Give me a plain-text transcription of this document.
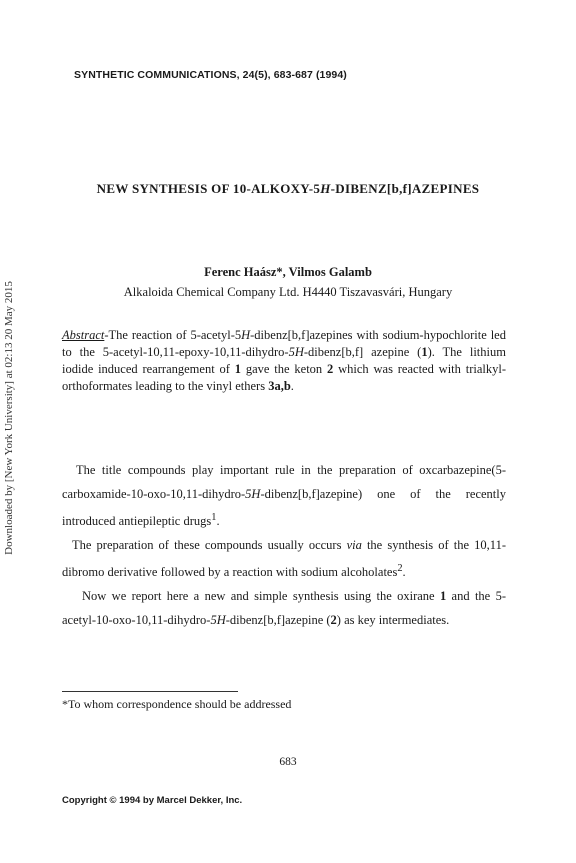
SYNTHETIC COMMUNICATIONS, 24(5), 683-687 (1994)
NEW SYNTHESIS OF 10-ALKOXY-5H-DIBENZ[b,f]AZEPINES
Ferenc Haász*, Vilmos Galamb
Alkaloida Chemical Company Ltd. H4440 Tiszavasvári, Hungary
Downloaded by [New York University] at 02:13 20 May 2015	Abstract-The reaction of 5-acetyl-5H-dibenz[b,f]azepines with sodium-hypochlorite led to the 5-acetyl-10,11-epoxy-10,11-dihydro-5H-dibenz[b,f] azepine (1). The lithium iodide induced rearrangement of 1 gave the keton 2 which was reacted with trialkyl-orthoformates leading to the vinyl ethers 3a,b.

The title compounds play important rule in the preparation of oxcarbazepine(5-carboxamide-10-oxo-10,11-dihydro-5H-dibenz[b,f]azepine) one of the recently introduced antiepileptic drugs$^1$.

The preparation of these compounds usually occurs via the synthesis of the 10,11-dibromo derivative followed by a reaction with sodium alcoholates$^2$.

Now we report here a new and simple synthesis using the oxirane 1 and the 5-acetyl-10-oxo-10,11-dihydro-5H-dibenz[b,f]azepine (2) as key intermediates.

*To whom correspondence should be addressed
683
Copyright © 1994 by Marcel Dekker, Inc.
